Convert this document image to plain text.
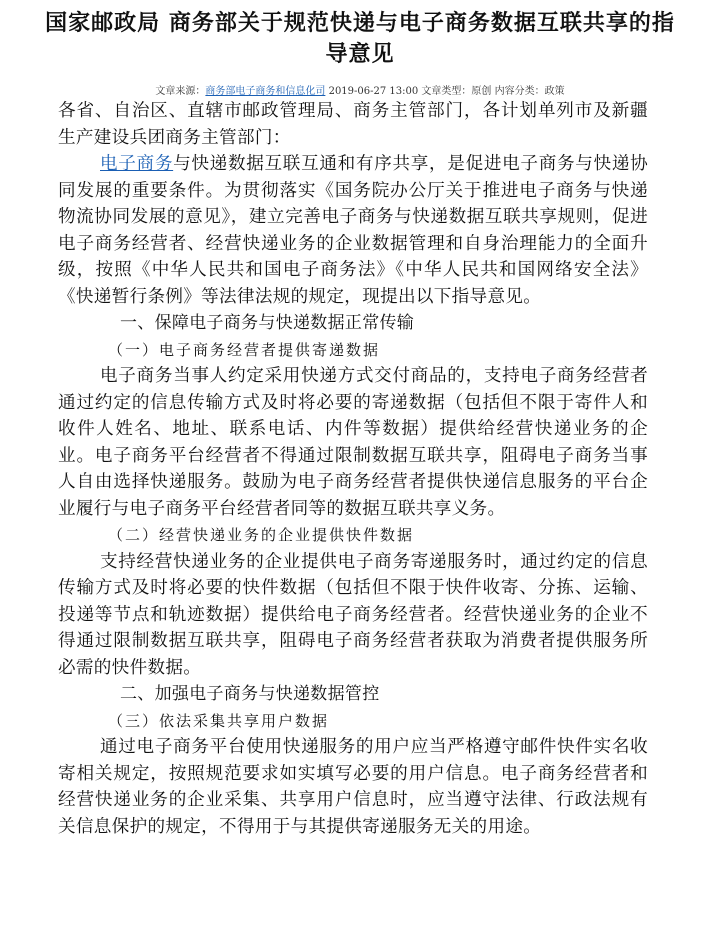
国家邮政局 商务部关于规范快递与电子商务数据互联共享的指导意见
文章来源：商务部电子商务和信息化司 2019-06-27 13:00 文章类型：原创 内容分类：政策

各省、自治区、直辖市邮政管理局、商务主管部门，各计划单列市及新疆生产建设兵团商务主管部门：

电子商务与快递数据互联互通和有序共享，是促进电子商务与快递协同发展的重要条件。为贯彻落实《国务院办公厅关于推进电子商务与快递物流协同发展的意见》，建立完善电子商务与快递数据互联共享规则，促进电子商务经营者、经营快递业务的企业数据管理和自身治理能力的全面升级，按照《中华人民共和国电子商务法》《中华人民共和国网络安全法》《快递暂行条例》等法律法规的规定，现提出以下指导意见。

一、保障电子商务与快递数据正常传输

（一）电子商务经营者提供寄递数据

电子商务当事人约定采用快递方式交付商品的，支持电子商务经营者通过约定的信息传输方式及时将必要的寄递数据（包括但不限于寄件人和收件人姓名、地址、联系电话、内件等数据）提供给经营快递业务的企业。电子商务平台经营者不得通过限制数据互联共享，阻碍电子商务当事人自由选择快递服务。鼓励为电子商务经营者提供快递信息服务的平台企业履行与电子商务平台经营者同等的数据互联共享义务。

（二）经营快递业务的企业提供快件数据

支持经营快递业务的企业提供电子商务寄递服务时，通过约定的信息传输方式及时将必要的快件数据（包括但不限于快件收寄、分拣、运输、投递等节点和轨迹数据）提供给电子商务经营者。经营快递业务的企业不得通过限制数据互联共享，阻碍电子商务经营者获取为消费者提供服务所必需的快件数据。

二、加强电子商务与快递数据管控

（三）依法采集共享用户数据

通过电子商务平台使用快递服务的用户应当严格遵守邮件快件实名收寄相关规定，按照规范要求如实填写必要的用户信息。电子商务经营者和经营快递业务的企业采集、共享用户信息时，应当遵守法律、行政法规有关信息保护的规定，不得用于与其提供寄递服务无关的用途。
